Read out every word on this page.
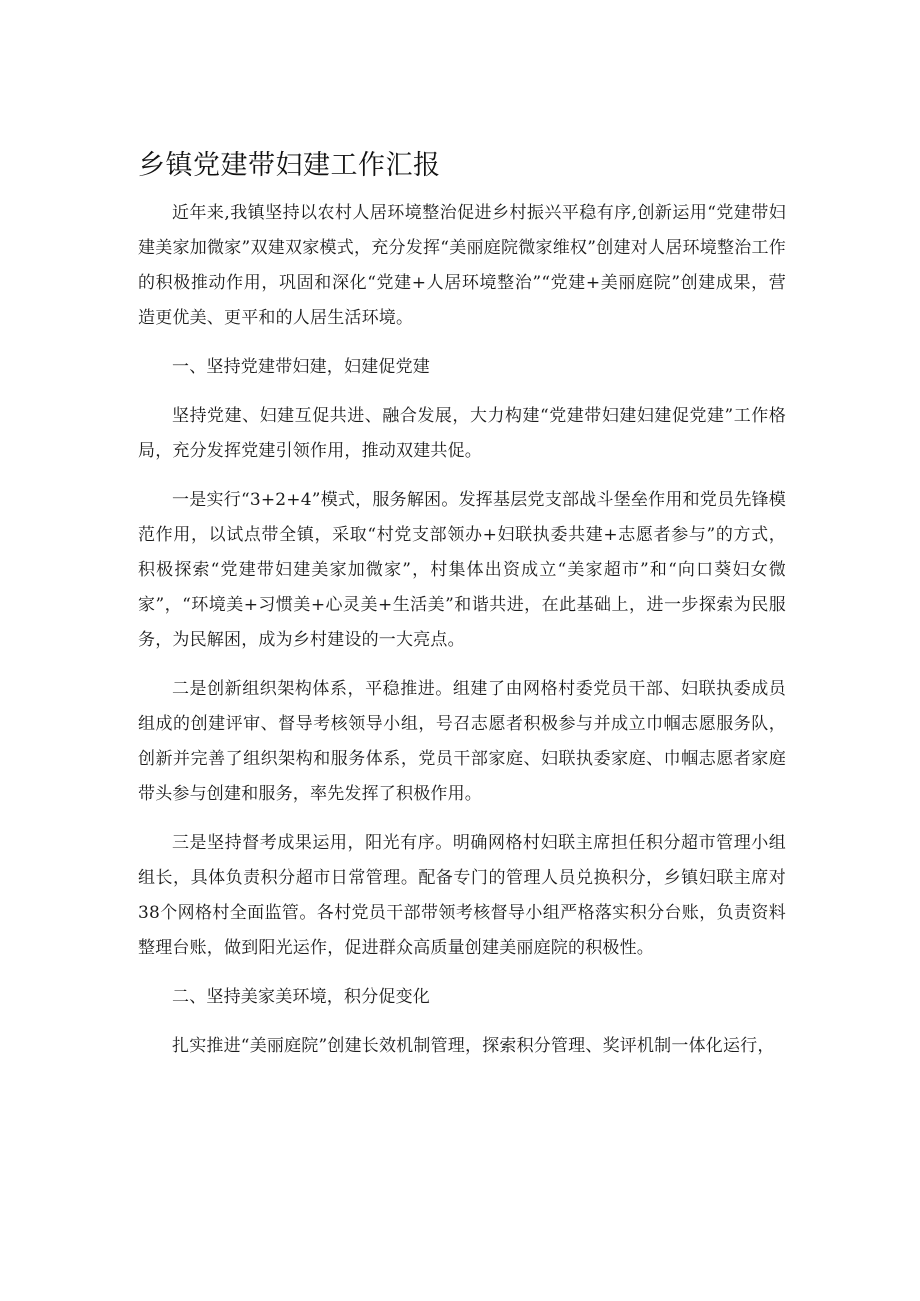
乡镇党建带妇建工作汇报

近年来,我镇坚持以农村人居环境整治促进乡村振兴平稳有序,创新运用“党建带妇建美家加微家”双建双家模式，充分发挥“美丽庭院微家维权”创建对人居环境整治工作的积极推动作用，巩固和深化“党建+人居环境整治”“党建+美丽庭院”创建成果，营造更优美、更平和的人居生活环境。

一、坚持党建带妇建，妇建促党建

坚持党建、妇建互促共进、融合发展，大力构建“党建带妇建妇建促党建”工作格局，充分发挥党建引领作用，推动双建共促。

一是实行“3+2+4”模式，服务解困。发挥基层党支部战斗堡垒作用和党员先锋模范作用，以试点带全镇，采取“村党支部领办+妇联执委共建+志愿者参与”的方式，积极探索“党建带妇建美家加微家”，村集体出资成立“美家超市”和“向口葵妇女微家”，“环境美+习惯美+心灵美+生活美”和谐共进，在此基础上，进一步探索为民服务，为民解困，成为乡村建设的一大亮点。

二是创新组织架构体系，平稳推进。组建了由网格村委党员干部、妇联执委成员组成的创建评审、督导考核领导小组，号召志愿者积极参与并成立巾帼志愿服务队，创新并完善了组织架构和服务体系，党员干部家庭、妇联执委家庭、巾帼志愿者家庭带头参与创建和服务，率先发挥了积极作用。

三是坚持督考成果运用，阳光有序。明确网格村妇联主席担任积分超市管理小组组长，具体负责积分超市日常管理。配备专门的管理人员兑换积分，乡镇妇联主席对38个网格村全面监管。各村党员干部带领考核督导小组严格落实积分台账，负责资料整理台账，做到阳光运作，促进群众高质量创建美丽庭院的积极性。

二、坚持美家美环境，积分促变化

扎实推进“美丽庭院”创建长效机制管理，探索积分管理、奖评机制一体化运行，
